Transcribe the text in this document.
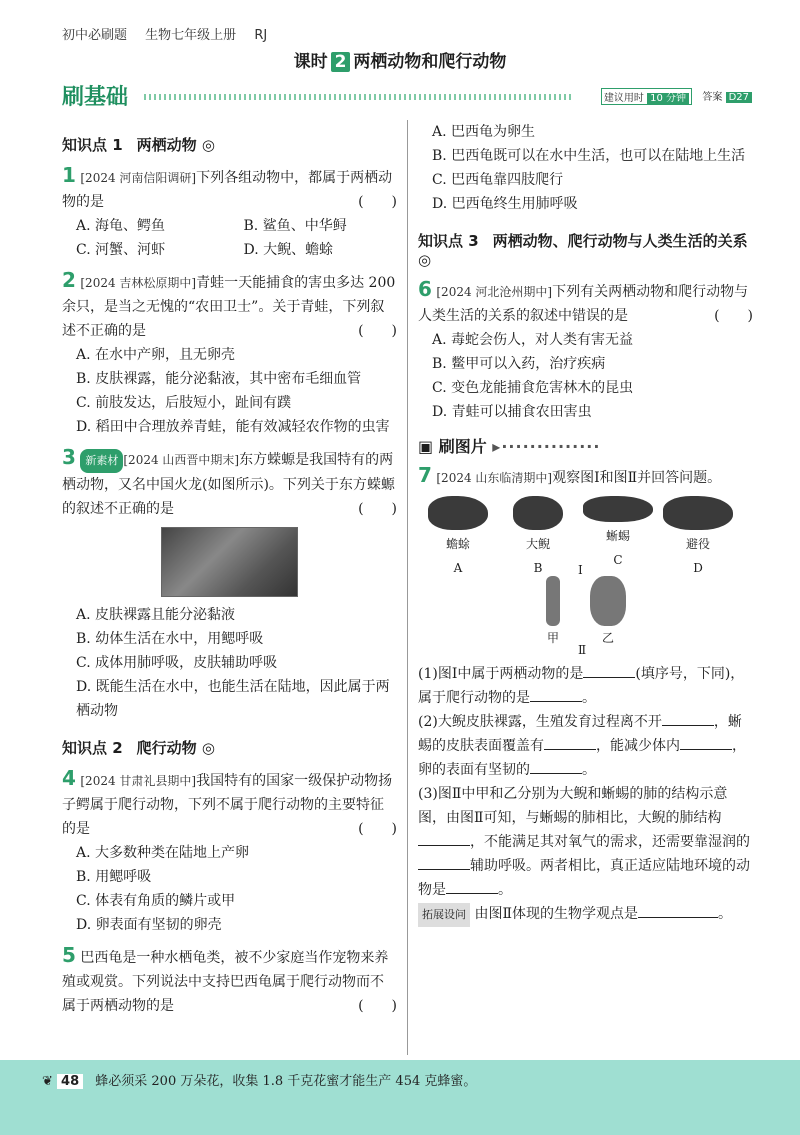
初中必刷题 生物七年级上册 RJ
课时 2 两栖动物和爬行动物
刷基础	建议用时 10 分钟	答案 D27
知识点 1 两栖动物 ◎
1 [2024 河南信阳调研]下列各组动物中，都属于两栖动物的是	(　　)
A. 海龟、鳄鱼	B. 鲨鱼、中华鲟
C. 河蟹、河虾	D. 大鲵、蟾蜍
2 [2024 吉林松原期中]青蛙一天能捕食的害虫多达 200 余只，是当之无愧的“农田卫士”。关于青蛙，下列叙述不正确的是	(　　)
A. 在水中产卵，且无卵壳
B. 皮肤裸露，能分泌黏液，其中密布毛细血管
C. 前肢发达，后肢短小，趾间有蹼
D. 稻田中合理放养青蛙，能有效减轻农作物的虫害
3 新素材 [2024 山西晋中期末]东方蝾螈是我国特有的两栖动物，又名中国火龙(如图所示)。下列关于东方蝾螈的叙述不正确的是	(　　)
A. 皮肤裸露且能分泌黏液
B. 幼体生活在水中，用鳃呼吸
C. 成体用肺呼吸，皮肤辅助呼吸
D. 既能生活在水中，也能生活在陆地，因此属于两栖动物
知识点 2 爬行动物 ◎
4 [2024 甘肃礼县期中]我国特有的国家一级保护动物扬子鳄属于爬行动物，下列不属于爬行动物的主要特征的是	(　　)
A. 大多数种类在陆地上产卵
B. 用鳃呼吸
C. 体表有角质的鳞片或甲
D. 卵表面有坚韧的卵壳
5 巴西龟是一种水栖龟类，被不少家庭当作宠物来养殖或观赏。下列说法中支持巴西龟属于爬行动物而不属于两栖动物的是	(　　)
A. 巴西龟为卵生
B. 巴西龟既可以在水中生活，也可以在陆地上生活
C. 巴西龟靠四肢爬行
D. 巴西龟终生用肺呼吸
知识点 3 两栖动物、爬行动物与人类生活的关系 ◎
6 [2024 河北沧州期中]下列有关两栖动物和爬行动物与人类生活的关系的叙述中错误的是	(　　)
A. 毒蛇会伤人，对人类有害无益
B. 鳖甲可以入药，治疗疾病
C. 变色龙能捕食危害林木的昆虫
D. 青蛙可以捕食农田害虫
▣ 刷图片 ▸··············
7 [2024 山东临清期中]观察图Ⅰ和图Ⅱ并回答问题。
蟾蜍
A
大鲵
B
蜥蜴
C
避役
D
Ⅰ
甲	乙
Ⅱ
(1)图Ⅰ中属于两栖动物的是	(填序号，下同)，属于爬行动物的是	。
(2)大鲵皮肤裸露，生殖发育过程离不开	，蜥蜴的皮肤表面覆盖有	，能减少体内	，卵的表面有坚韧的	。
(3)图Ⅱ中甲和乙分别为大鲵和蜥蜴的肺的结构示意图，由图Ⅱ可知，与蜥蜴的肺相比，大鲵的肺结构，不能满足其对氧气的需求，还需要靠湿润的辅助呼吸。两者相比，真正适应陆地环境的动物是	。
拓展设问 由图Ⅱ体现的生物学观点是	。
❦ 48 蜂必须采 200 万朵花，收集 1.8 千克花蜜才能生产 454 克蜂蜜。
